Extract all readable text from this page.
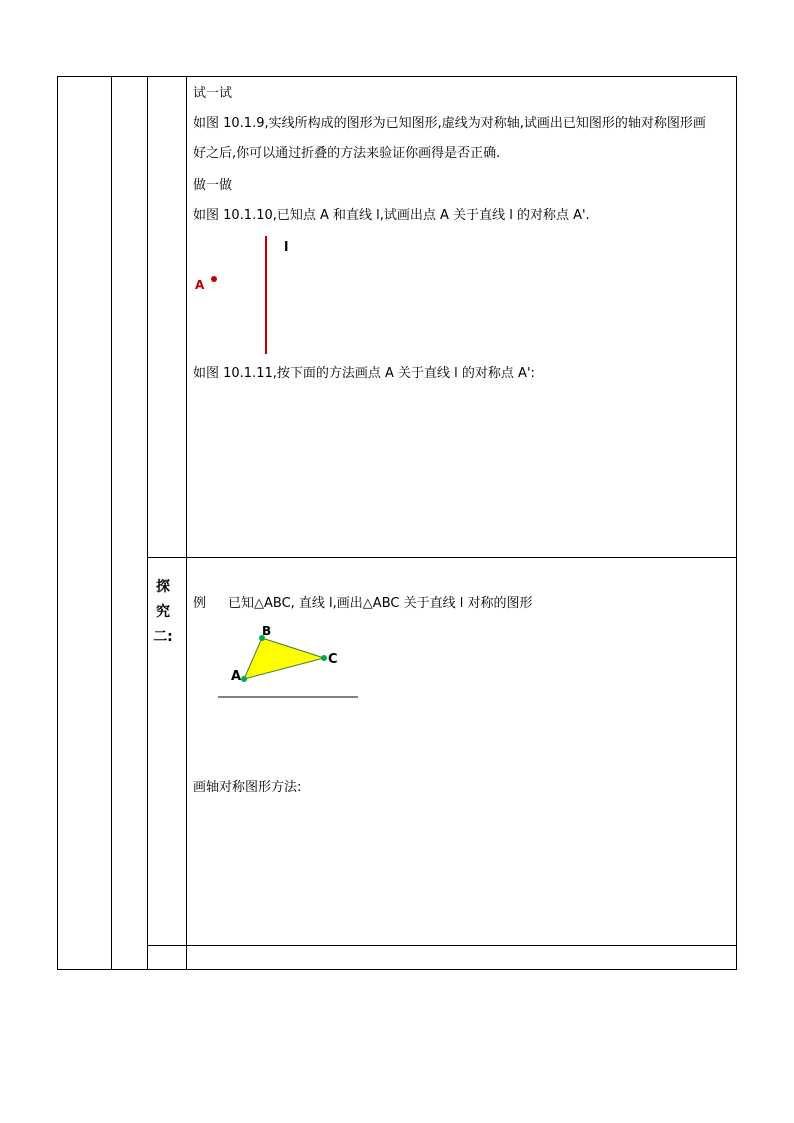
试一试
如图 10.1.9,实线所构成的图形为已知图形,虚线为对称轴,试画出已知图形的轴对称图形画
好之后,你可以通过折叠的方法来验证你画得是否正确.
做一做
如图 10.1.10,已知点 A 和直线 l,试画出点 A 关于直线 l 的对称点 A'.
A
l
如图 10.1.11,按下面的方法画点 A 关于直线 l 的对称点 A':
探
究
二:
例 已知△ABC, 直线 l,画出△ABC 关于直线 l 对称的图形
A
B
C
画轴对称图形方法:
